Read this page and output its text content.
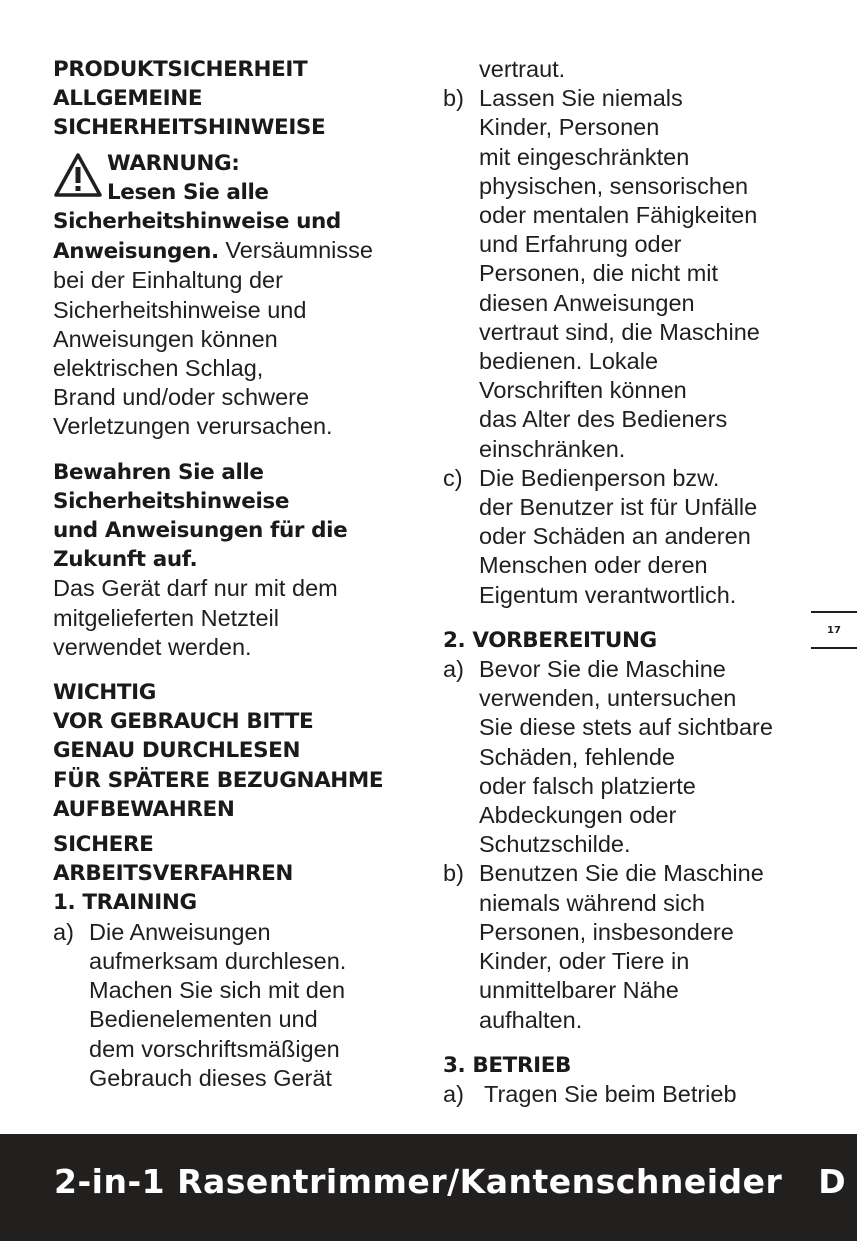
PRODUKTSICHERHEIT
ALLGEMEINE
SICHERHEITSHINWEISE
WARNUNG:
Lesen Sie alle
Sicherheitshinweise und
Anweisungen. Versäumnisse
bei der Einhaltung der
Sicherheitshinweise und
Anweisungen können
elektrischen Schlag,
Brand und/oder schwere
Verletzungen verursachen.
Bewahren Sie alle
Sicherheitshinweise
und Anweisungen für die
Zukunft auf.
Das Gerät darf nur mit dem
mitgelieferten Netzteil
verwendet werden.
WICHTIG
VOR GEBRAUCH BITTE
GENAU DURCHLESEN
FÜR SPÄTERE BEZUGNAHME
AUFBEWAHREN
SICHERE
ARBEITSVERFAHREN
1. TRAINING
a) Die Anweisungen
aufmerksam durchlesen.
Machen Sie sich mit den
Bedienelementen und
dem vorschriftsmäßigen
Gebrauch dieses Gerät
vertraut.
b) Lassen Sie niemals
Kinder, Personen
mit eingeschränkten
physischen, sensorischen
oder mentalen Fähigkeiten
und Erfahrung oder
Personen, die nicht mit
diesen Anweisungen
vertraut sind, die Maschine
bedienen. Lokale
Vorschriften können
das Alter des Bedieners
einschränken.
c) Die Bedienperson bzw.
der Benutzer ist für Unfälle
oder Schäden an anderen
Menschen oder deren
Eigentum verantwortlich.
2. VORBEREITUNG
a) Bevor Sie die Maschine
verwenden, untersuchen
Sie diese stets auf sichtbare
Schäden, fehlende
oder falsch platzierte
Abdeckungen oder
Schutzschilde.
b) Benutzen Sie die Maschine
niemals während sich
Personen, insbesondere
Kinder, oder Tiere in
unmittelbarer Nähe
aufhalten.
3. BETRIEB
a) Tragen Sie beim Betrieb
17
2-in-1 Rasentrimmer/Kantenschneider D
